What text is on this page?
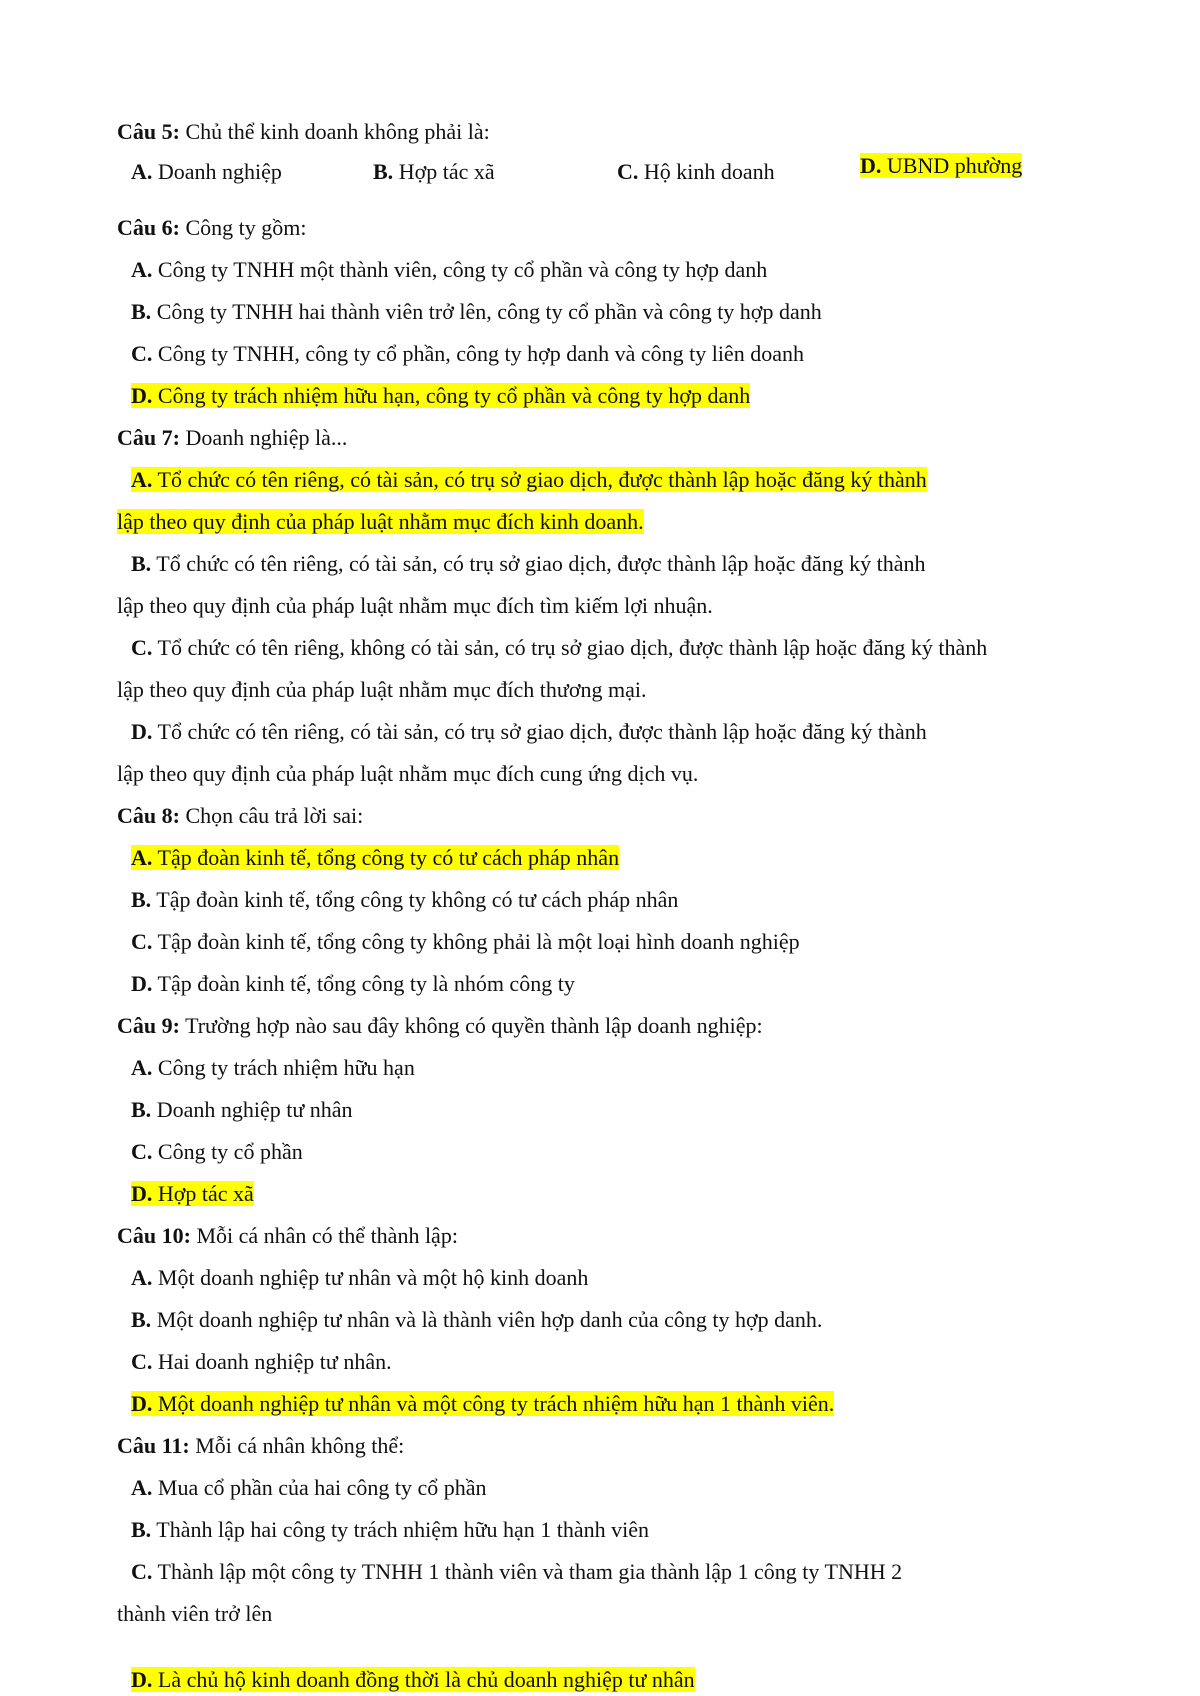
Câu 5: Chủ thể kinh doanh không phải là:
A. Doanh nghiệp	B. Hợp tác xã	C. Hộ kinh doanh	D. UBND phường
Câu 6: Công ty gồm:
A. Công ty TNHH một thành viên, công ty cổ phần và công ty hợp danh
B. Công ty TNHH hai thành viên trở lên, công ty cổ phần và công ty hợp danh
C. Công ty TNHH, công ty cổ phần, công ty hợp danh và công ty liên doanh
D. Công ty trách nhiệm hữu hạn, công ty cổ phần và công ty hợp danh
Câu 7: Doanh nghiệp là...
A. Tổ chức có tên riêng, có tài sản, có trụ sở giao dịch, được thành lập hoặc đăng ký thành
lập theo quy định của pháp luật nhằm mục đích kinh doanh.
B. Tổ chức có tên riêng, có tài sản, có trụ sở giao dịch, được thành lập hoặc đăng ký thành
lập theo quy định của pháp luật nhằm mục đích tìm kiếm lợi nhuận.
C. Tổ chức có tên riêng, không có tài sản, có trụ sở giao dịch, được thành lập hoặc đăng ký thành
lập theo quy định của pháp luật nhằm mục đích thương mại.
D. Tổ chức có tên riêng, có tài sản, có trụ sở giao dịch, được thành lập hoặc đăng ký thành
lập theo quy định của pháp luật nhằm mục đích cung ứng dịch vụ.
Câu 8: Chọn câu trả lời sai:
A. Tập đoàn kinh tế, tổng công ty có tư cách pháp nhân
B. Tập đoàn kinh tế, tổng công ty không có tư cách pháp nhân
C. Tập đoàn kinh tế, tổng công ty không phải là một loại hình doanh nghiệp
D. Tập đoàn kinh tế, tổng công ty là nhóm công ty
Câu 9: Trường hợp nào sau đây không có quyền thành lập doanh nghiệp:
A. Công ty trách nhiệm hữu hạn
B. Doanh nghiệp tư nhân
C. Công ty cổ phần
D. Hợp tác xã
Câu 10: Mỗi cá nhân có thể thành lập:
A. Một doanh nghiệp tư nhân và một hộ kinh doanh
B. Một doanh nghiệp tư nhân và là thành viên hợp danh của công ty hợp danh.
C. Hai doanh nghiệp tư nhân.
D. Một doanh nghiệp tư nhân và một công ty trách nhiệm hữu hạn 1 thành viên.
Câu 11: Mỗi cá nhân không thể:
A. Mua cổ phần của hai công ty cổ phần
B. Thành lập hai công ty trách nhiệm hữu hạn 1 thành viên
C. Thành lập một công ty TNHH 1 thành viên và tham gia thành lập 1 công ty TNHH 2
thành viên trở lên
D. Là chủ hộ kinh doanh đồng thời là chủ doanh nghiệp tư nhân
